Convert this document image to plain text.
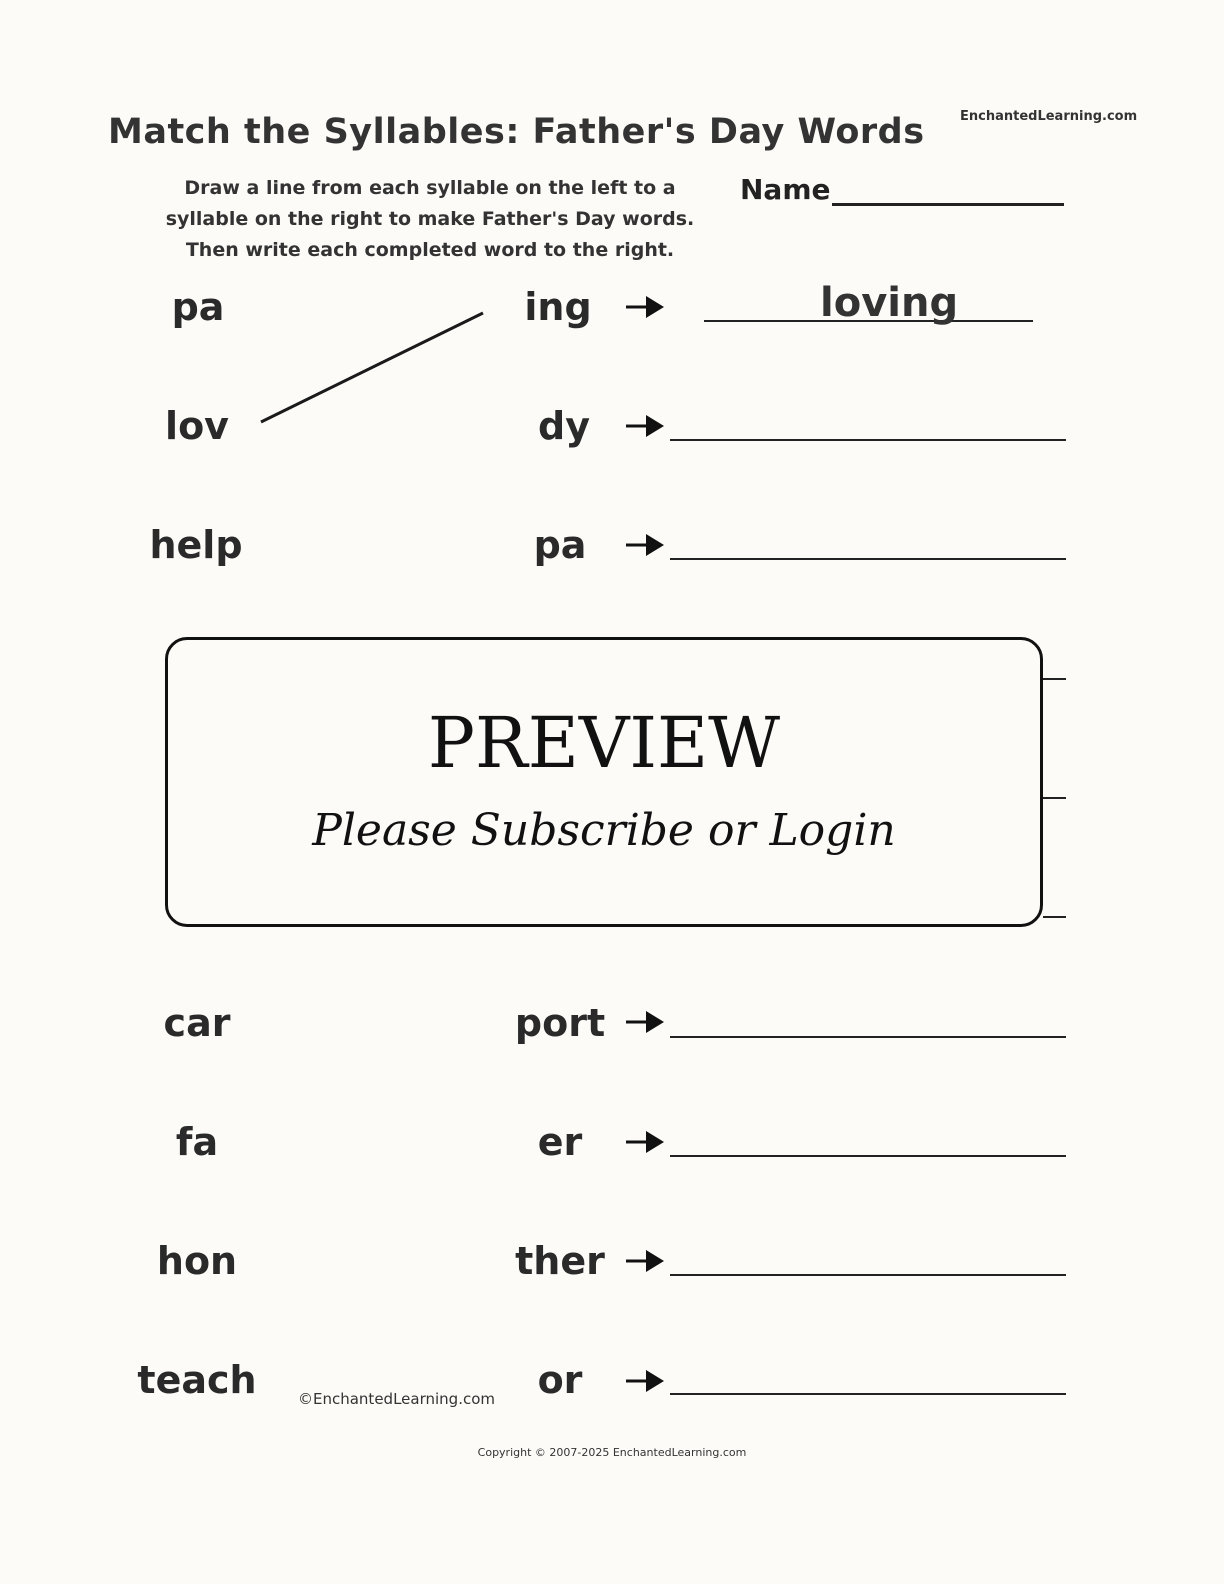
Match the Syllables: Father's Day Words	EnchantedLearning.com
Draw a line from each syllable on the left to a
syllable on the right to make Father's Day words.
Then write each completed word to the right.
Name
pa	ing	loving
lov	dy
help	pa
PREVIEW
Please Subscribe or Login
car	port
fa	er
hon	ther
teach	or
©EnchantedLearning.com
Copyright © 2007-2025 EnchantedLearning.com
